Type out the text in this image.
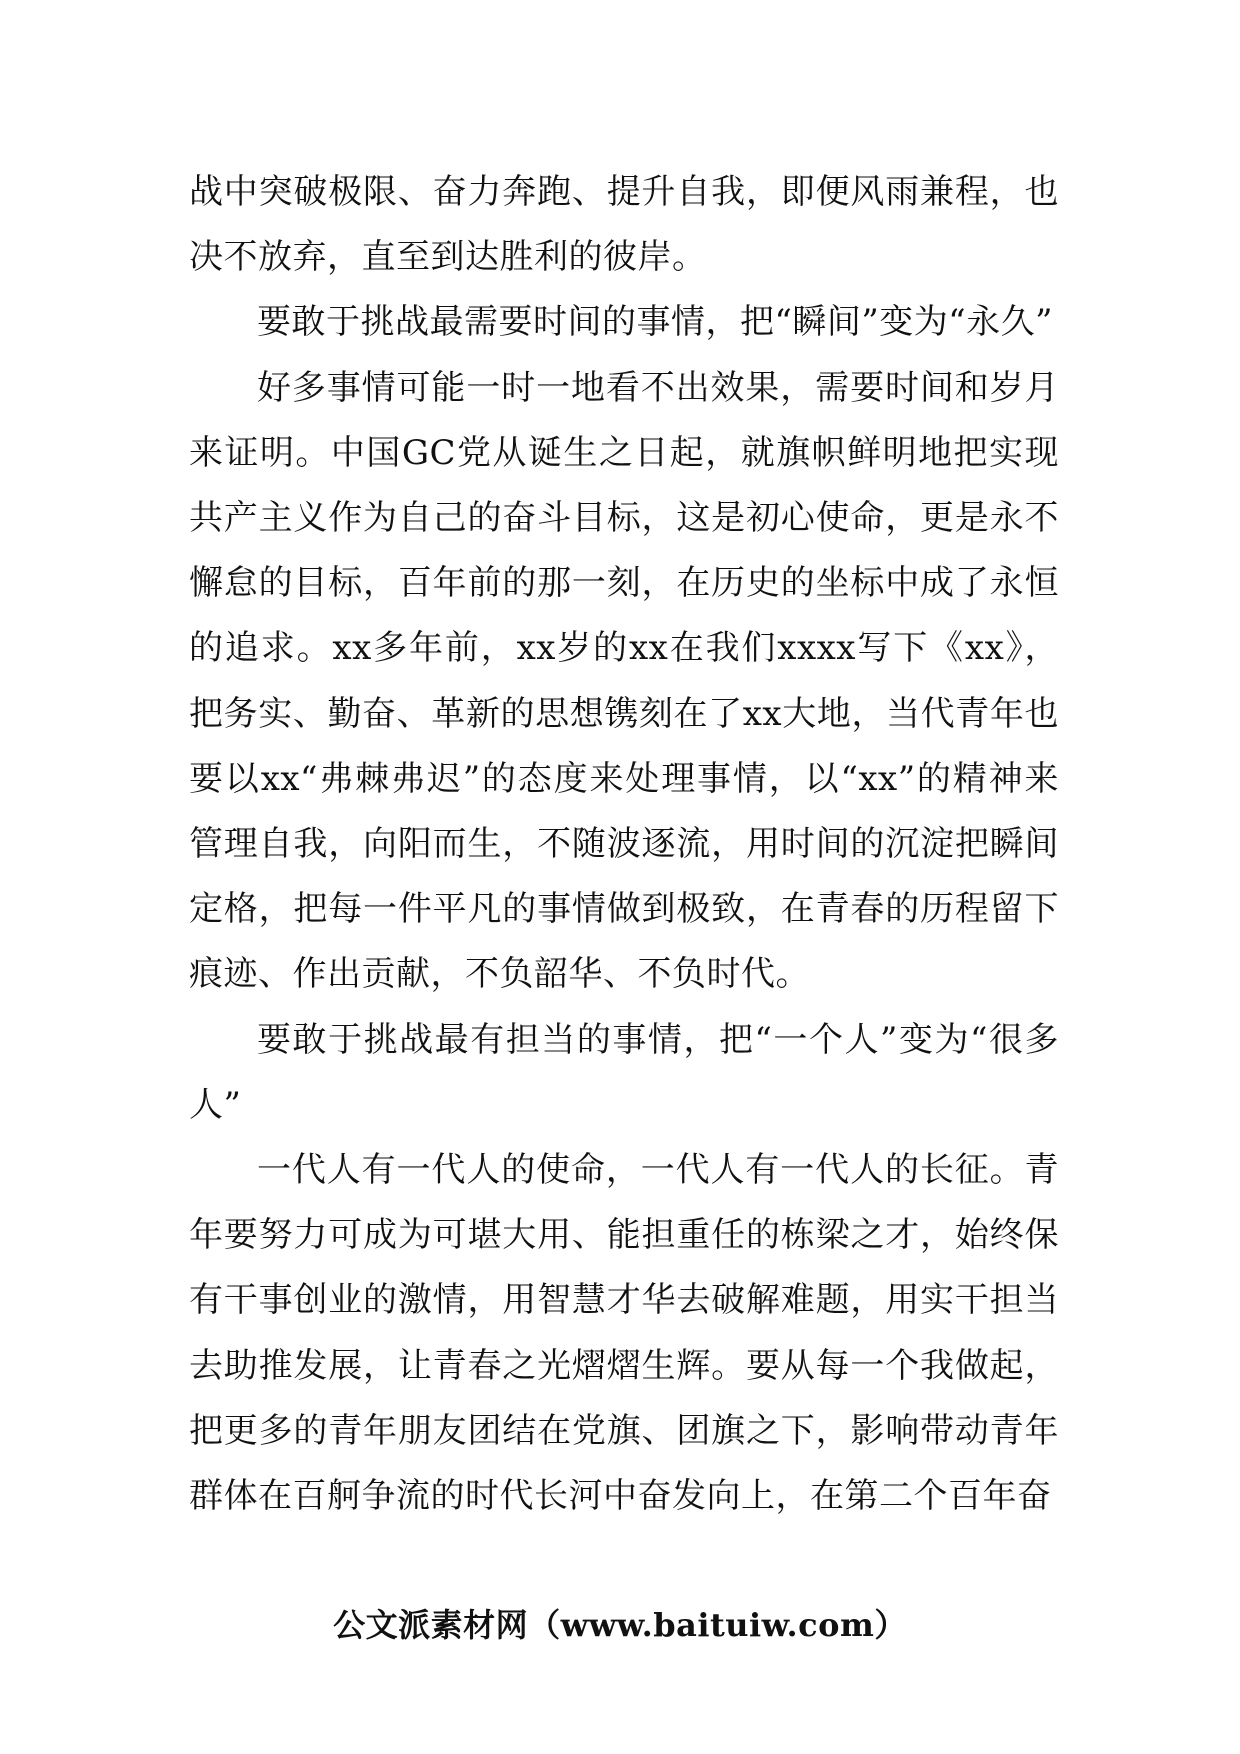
战中突破极限、奋力奔跑、提升自我，即便风雨兼程，也决不放弃，直至到达胜利的彼岸。

要敢于挑战最需要时间的事情，把“瞬间”变为“永久”

好多事情可能一时一地看不出效果，需要时间和岁月来证明。中国GC党从诞生之日起，就旗帜鲜明地把实现共产主义作为自己的奋斗目标，这是初心使命，更是永不懈怠的目标，百年前的那一刻，在历史的坐标中成了永恒的追求。xx多年前，xx岁的xx在我们xxxx写下《xx》，把务实、勤奋、革新的思想镌刻在了xx大地，当代青年也要以xx“弗棘弗迟”的态度来处理事情，以“xx”的精神来管理自我，向阳而生，不随波逐流，用时间的沉淀把瞬间定格，把每一件平凡的事情做到极致，在青春的历程留下痕迹、作出贡献，不负韶华、不负时代。

要敢于挑战最有担当的事情，把“一个人”变为“很多人”

一代人有一代人的使命，一代人有一代人的长征。青年要努力可成为可堪大用、能担重任的栋梁之才，始终保有干事创业的激情，用智慧才华去破解难题，用实干担当去助推发展，让青春之光熠熠生辉。要从每一个我做起，把更多的青年朋友团结在党旗、团旗之下，影响带动青年群体在百舸争流的时代长河中奋发向上，在第二个百年奋

公文派素材网（www.baituiw.com）
